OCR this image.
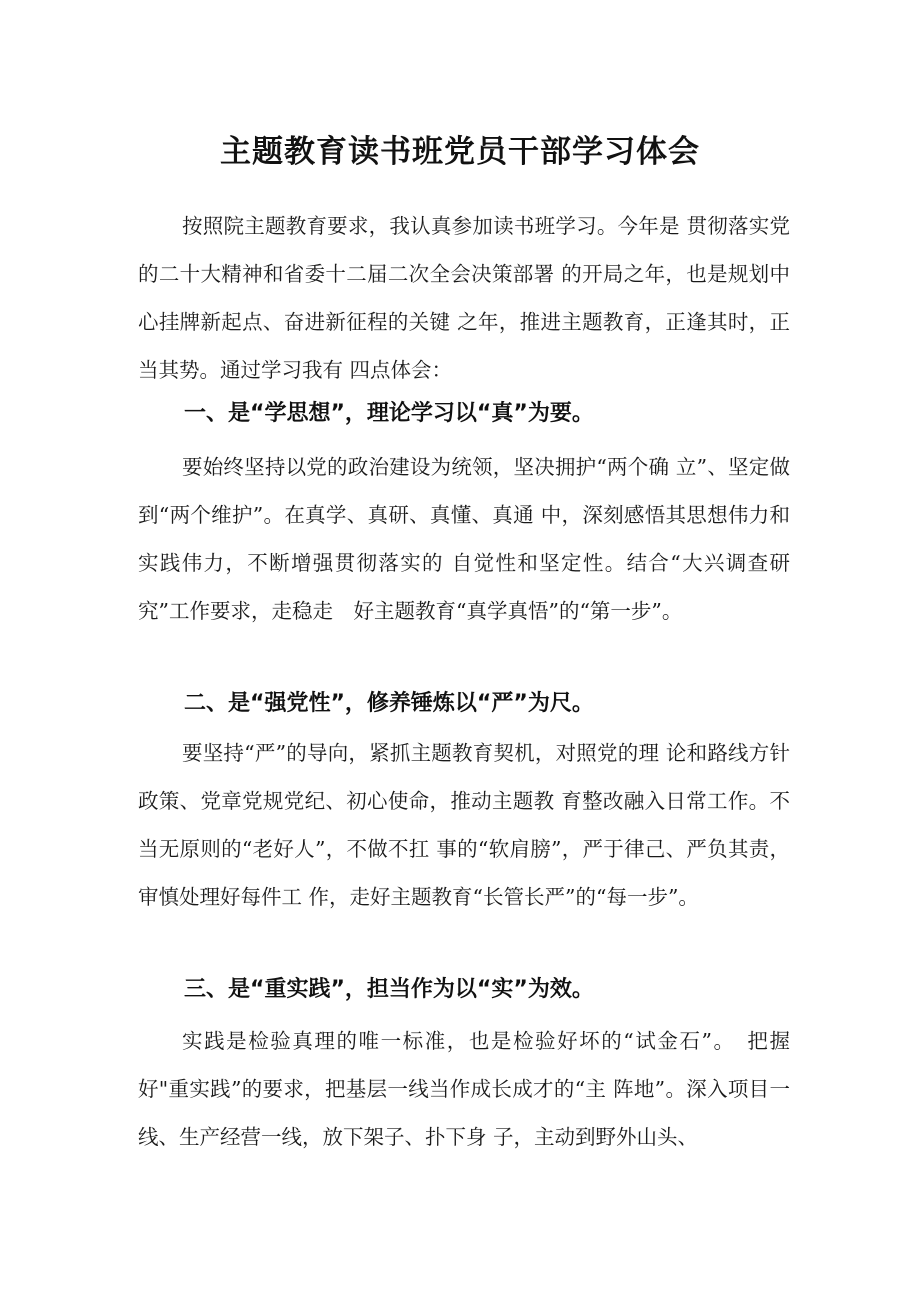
主题教育读书班党员干部学习体会

按照院主题教育要求，我认真参加读书班学习。今年是 贯彻落实党的二十大精神和省委十二届二次全会决策部署 的开局之年，也是规划中心挂牌新起点、奋进新征程的关键 之年，推进主题教育，正逢其时，正当其势。通过学习我有 四点体会：

一、是“学思想”，理论学习以“真”为要。

要始终坚持以党的政治建设为统领，坚决拥护“两个确 立”、坚定做到“两个维护”。在真学、真研、真懂、真通 中，深刻感悟其思想伟力和实践伟力，不断增强贯彻落实的 自觉性和坚定性。结合“大兴调查研究”工作要求，走稳走　好主题教育“真学真悟”的“第一步”。

二、是“强党性”，修养锤炼以“严”为尺。

要坚持“严”的导向，紧抓主题教育契机，对照党的理 论和路线方针政策、党章党规党纪、初心使命，推动主题教 育整改融入日常工作。不当无原则的“老好人”，不做不扛 事的“软肩膀”，严于律己、严负其责，审慎处理好每件工 作，走好主题教育“长管长严”的“每一步”。

三、是“重实践”，担当作为以“实”为效。

实践是检验真理的唯一标准，也是检验好坏的“试金石”。　把握好"重实践”的要求，把基层一线当作成长成才的“主 阵地”。深入项目一线、生产经营一线，放下架子、扑下身 子，主动到野外山头、
